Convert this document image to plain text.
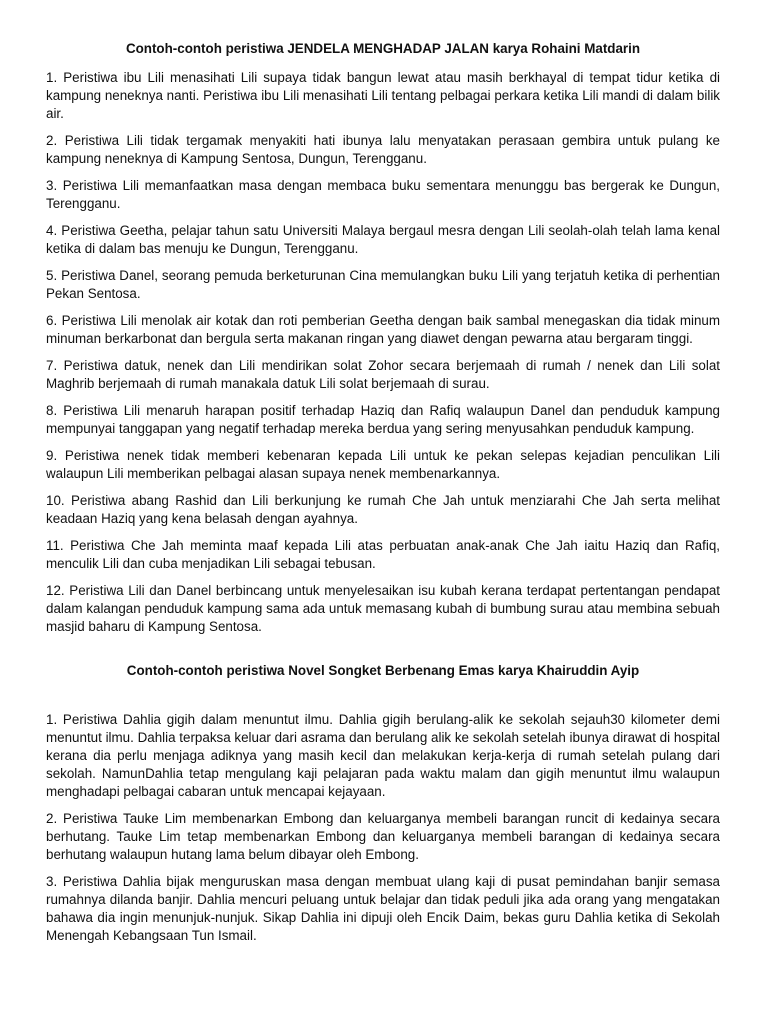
Contoh-contoh peristiwa JENDELA MENGHADAP JALAN karya Rohaini Matdarin

1. Peristiwa ibu Lili menasihati Lili supaya tidak bangun lewat atau masih berkhayal di tempat tidur ketika di kampung neneknya nanti. Peristiwa ibu Lili menasihati Lili tentang pelbagai perkara ketika Lili mandi di dalam bilik air.

2. Peristiwa Lili tidak tergamak menyakiti hati ibunya lalu menyatakan perasaan gembira untuk pulang ke kampung neneknya di Kampung Sentosa, Dungun, Terengganu.

3. Peristiwa Lili memanfaatkan masa dengan membaca buku sementara menunggu bas bergerak ke Dungun, Terengganu.

4. Peristiwa Geetha, pelajar tahun satu Universiti Malaya bergaul mesra dengan Lili seolah-olah telah lama kenal ketika di dalam bas menuju ke Dungun, Terengganu.

5. Peristiwa Danel, seorang pemuda berketurunan Cina memulangkan buku Lili yang terjatuh ketika di perhentian Pekan Sentosa.

6. Peristiwa Lili menolak air kotak dan roti pemberian Geetha dengan baik sambal menegaskan dia tidak minum minuman berkarbonat dan bergula serta makanan ringan yang diawet dengan pewarna atau bergaram tinggi.

7. Peristiwa datuk, nenek dan Lili mendirikan solat Zohor secara berjemaah di rumah / nenek dan Lili solat Maghrib berjemaah di rumah manakala datuk Lili solat berjemaah di surau.

8. Peristiwa Lili menaruh harapan positif terhadap Haziq dan Rafiq walaupun Danel dan penduduk kampung mempunyai tanggapan yang negatif terhadap mereka berdua yang sering menyusahkan penduduk kampung.

9. Peristiwa nenek tidak memberi kebenaran kepada Lili untuk ke pekan selepas kejadian penculikan Lili walaupun Lili memberikan pelbagai alasan supaya nenek membenarkannya.

10. Peristiwa abang Rashid dan Lili berkunjung ke rumah Che Jah untuk menziarahi Che Jah serta melihat keadaan Haziq yang kena belasah dengan ayahnya.

11. Peristiwa Che Jah meminta maaf kepada Lili atas perbuatan anak-anak Che Jah iaitu Haziq dan Rafiq, menculik Lili dan cuba menjadikan Lili sebagai tebusan.

12. Peristiwa Lili dan Danel berbincang untuk menyelesaikan isu kubah kerana terdapat pertentangan pendapat dalam kalangan penduduk kampung sama ada untuk memasang kubah di bumbung surau atau membina sebuah masjid baharu di Kampung Sentosa.

Contoh-contoh peristiwa Novel Songket Berbenang Emas karya Khairuddin Ayip

1. Peristiwa Dahlia gigih dalam menuntut ilmu. Dahlia gigih berulang-alik ke sekolah sejauh30 kilometer demi menuntut ilmu. Dahlia terpaksa keluar dari asrama dan berulang alik ke sekolah setelah ibunya dirawat di hospital kerana dia perlu menjaga adiknya yang masih kecil dan melakukan kerja-kerja di rumah setelah pulang dari sekolah. NamunDahlia tetap mengulang kaji pelajaran pada waktu malam dan gigih menuntut ilmu walaupun menghadapi pelbagai cabaran untuk mencapai kejayaan.

2. Peristiwa Tauke Lim membenarkan Embong dan keluarganya membeli barangan runcit di kedainya secara berhutang. Tauke Lim tetap membenarkan Embong dan keluarganya membeli barangan di kedainya secara berhutang walaupun hutang lama belum dibayar oleh Embong.

3. Peristiwa Dahlia bijak menguruskan masa dengan membuat ulang kaji di pusat pemindahan banjir semasa rumahnya dilanda banjir. Dahlia mencuri peluang untuk belajar dan tidak peduli jika ada orang yang mengatakan bahawa dia ingin menunjuk-nunjuk. Sikap Dahlia ini dipuji oleh Encik Daim, bekas guru Dahlia ketika di Sekolah Menengah Kebangsaan Tun Ismail.
